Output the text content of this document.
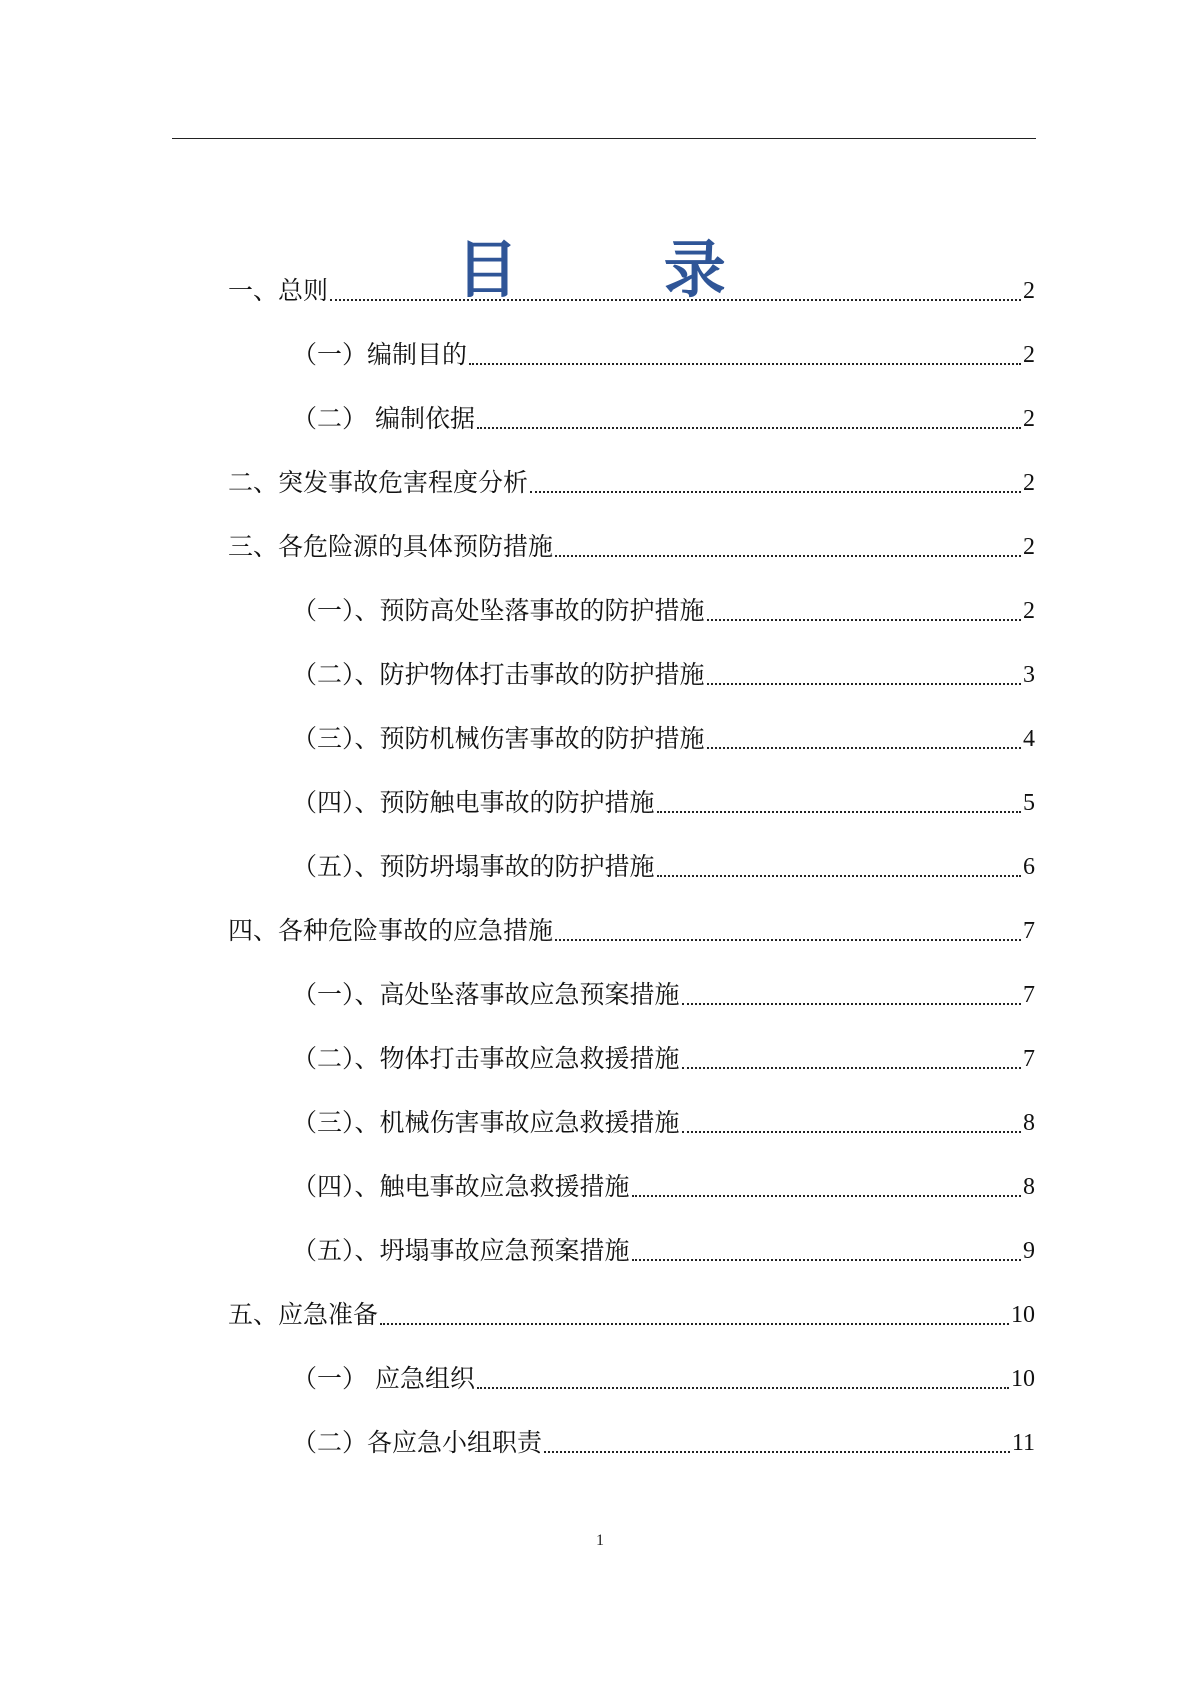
目 录
一、总则	2
（一）编制目的	2
（二） 编制依据	2
二、突发事故危害程度分析	2
三、各危险源的具体预防措施	2
（一）、预防高处坠落事故的防护措施	2
（二）、防护物体打击事故的防护措施	3
（三）、预防机械伤害事故的防护措施	4
（四）、预防触电事故的防护措施	5
（五）、预防坍塌事故的防护措施	6
四、各种危险事故的应急措施	7
（一）、高处坠落事故应急预案措施	7
（二）、物体打击事故应急救援措施	7
（三）、机械伤害事故应急救援措施	8
（四）、触电事故应急救援措施	8
（五）、坍塌事故应急预案措施	9
五、应急准备	10
（一） 应急组织	10
（二）各应急小组职责	11
1
